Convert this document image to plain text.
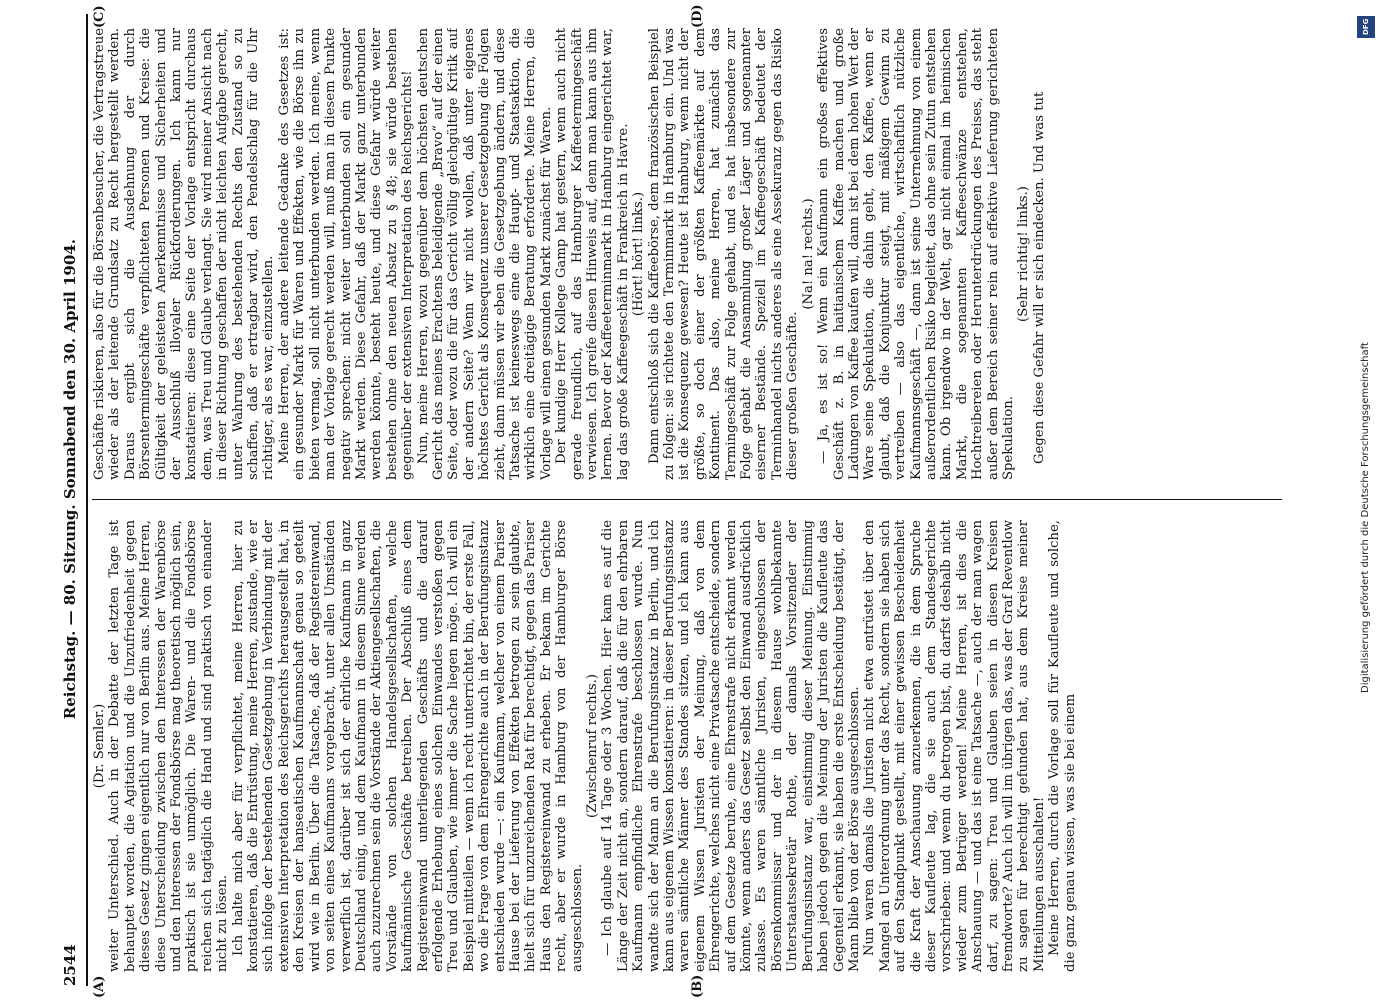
2544
Reichstag. — 80. Sitzung. Sonnabend den 30. April 1904.
(A)	(B)
(C)	(D)

(Dr. Semler.) weiter Unterschied. Auch in der Debatte der letzten Tage ist behauptet worden, die Agitation und die Unzufriedenheit gegen dieses Gesetz gingen eigentlich nur von Berlin aus. Meine Herren, diese Unterscheidung zwischen den Interessen der Warenbörse und den Interessen der Fondsbörse mag theoretisch möglich sein, praktisch ist sie unmöglich. Die Waren- und die Fondsbörse reichen sich tagtäglich die Hand und sind praktisch von einander nicht zu lösen. Ich halte mich aber für verpflichtet, meine Herren, hier zu konstatieren, daß die Entrüstung, meine Herren, zustande, wie er sich infolge der bestehenden Gesetzgebung in Verbindung mit der extensiven Interpretation des Reichsgerichts herausgestellt hat, in den Kreisen der hanseatischen Kaufmannschaft genau so geteilt wird wie in Berlin. Über die Tatsache, daß der Registereinwand, von seiten eines Kaufmanns vorgebracht, unter allen Umständen verwerflich ist, darüber ist sich der ehrliche Kaufmann in ganz Deutschland einig, und dem Kaufmann in diesem Sinne werden auch zuzurechnen sein die Vorstände der Aktiengesellschaften, die Vorstände von solchen Handelsgesellschaften, welche kaufmännische Geschäfte betreiben. Der Abschluß eines dem Registereinwand unterliegenden Geschäfts und die darauf erfolgende Erhebung eines solchen Einwandes verstoßen gegen Treu und Glauben, wie immer die Sache liegen möge. Ich will ein Beispiel mitteilen — wenn ich recht unterrichtet bin, der erste Fall, wo die Frage von dem Ehrengerichte auch in der Berufungsinstanz entschieden wurde —: ein Kaufmann, welcher von einem Pariser Hause bei der Lieferung von Effekten betrogen zu sein glaubte, hielt sich für unzureichenden Rat für berechtigt, gegen das Pariser Haus den Registereinwand zu erheben. Er bekam im Gerichte recht, aber er wurde in Hamburg von der Hamburger Börse ausgeschlossen.

(Zwischenruf rechts.) — Ich glaube auf 14 Tage oder 3 Wochen. Hier kam es auf die Länge der Zeit nicht an, sondern darauf, daß die für den ehrbaren Kaufmann empfindliche Ehrenstrafe beschlossen wurde. Nun wandte sich der Mann an die Berufungsinstanz in Berlin, und ich kann aus eigenem Wissen konstatieren: in dieser Berufungsinstanz waren sämtliche Männer des Standes sitzen, und ich kann aus eigenem Wissen Juristen der Meinung, daß von dem Ehrengerichte, welches nicht eine Privatsache entscheide, sondern auf dem Gesetze beruhe, eine Ehrenstrafe nicht erkannt werden könnte, wenn anders das Gesetz selbst den Einwand ausdrücklich zulasse. Es waren sämtliche Juristen, eingeschlossen der Börsenkommissar und der in diesem Hause wohlbekannte Unterstaatssekretär Rothe, der damals Vorsitzender der Berufungsinstanz war, einstimmig dieser Meinung. Einstimmig haben jedoch gegen die Meinung der Juristen die Kaufleute das Gegenteil erkannt, sie haben die erste Entscheidung bestätigt, der Mann blieb von der Börse ausgeschlossen. Nun waren damals die Juristen nicht etwa entrüstet über den Mangel an Unterordnung unter das Recht, sondern sie haben sich auf den Standpunkt gestellt, mit einer gewissen Bescheidenheit die Kraft der Anschauung anzuerkennen, die in dem Spruche dieser Kaufleute lag, die sie auch dem Standesgerichte vorschrieben: und wenn du betrogen bist, du darfst deshalb nicht wieder zum Betrüger werden! Meine Herren, ist dies die Anschauung — und das ist eine Tatsache —, auch der man wagen darf, zu sagen: Treu und Glauben seien in diesen Kreisen fremdworte? Auch ich will im übrigen das, was der Graf Reventlow zu sagen für berechtigt gefunden hat, aus dem Kreise meiner Mitteilungen ausschalten! Meine Herren, durch die Vorlage soll für Kaufleute und solche, die ganz genau wissen, was sie bei einem

Geschäfte riskieren, also für die Börsenbesucher, die Vertragstreue wieder als der leitende Grundsatz zu Recht hergestellt werden. Daraus ergibt sich die Ausdehnung der durch Börsentermingeschäfte verpflichteten Personen und Kreise: die Gültigkeit der geleisteten Anerkenntnisse und Sicherheiten und der Ausschluß illoyaler Rückforderungen. Ich kann nur konstatieren: diese eine Seite der Vorlage entspricht durchaus dem, was Treu und Glaube verlangt. Sie wird meiner Ansicht nach in dieser Richtung geschaffen der nicht leichten Aufgabe gerecht, unter Wahrung des bestehenden Rechts den Zustand so zu schaffen, daß er ertragbar wird, den Pendelschlag für die Uhr richtiger, als es war, einzustellen. Meine Herren, der andere leitende Gedanke des Gesetzes ist: ein gesunder Markt für Waren und Effekten, wie die Börse ihn zu bieten vermag, soll nicht unterbunden werden. Ich meine, wenn man der Vorlage gerecht werden will, muß man in diesem Punkte negativ sprechen: nicht weiter unterbunden soll ein gesunder Markt werden. Diese Gefahr, daß der Markt ganz unterbunden werden könnte, besteht heute, und diese Gefahr würde weiter bestehen ohne den neuen Absatz zu § 48; sie würde bestehen gegenüber der extensiven Interpretation des Reichsgerichts! Nun, meine Herren, wozu gegenüber dem höchsten deutschen Gericht das meines Erachtens beleidigende „Bravo“ auf der einen Seite, oder wozu die für das Gericht völlig gleichgültige Kritik auf der andern Seite? Wenn wir nicht wollen, daß unter eigenes höchstes Gericht als Konsequenz unserer Gesetzgebung die Folgen zieht, dann müssen wir eben die Gesetzgebung ändern, und diese Tatsache ist keineswegs eine die Haupt- und Staatsaktion, die wirklich eine dreitägige Beratung erforderte. Meine Herren, die Vorlage will einen gesunden Markt zunächst für Waren. Der kundige Herr Kollege Gamp hat gestern, wenn auch nicht gerade freundlich, auf das Hamburger Kaffeetermingeschäft verwiesen. Ich greife diesen Hinweis auf, denn man kann aus ihm lernen. Bevor der Kaffeeterminmarkt in Hamburg eingerichtet war, lag das große Kaffeegeschäft in Frankreich in Havre. (Hört! hört! links.) Dann entschloß sich die Kaffeebörse, dem französischen Beispiel zu folgen: sie richtete den Terminmarkt in Hamburg ein. Und was ist die Konsequenz gewesen? Heute ist Hamburg, wenn nicht der größte, so doch einer der größten Kaffeemärkte auf dem Kontinent. Das also, meine Herren, hat zunächst das Termingeschäft zur Folge gehabt, und es hat insbesondere zur Folge gehabt die Ansammlung großer Läger und sogenannter eiserner Bestände. Speziell im Kaffeegeschäft bedeutet der Terminhandel nichts anderes als eine Assekuranz gegen das Risiko dieser großen Geschäfte.

(Na! na! rechts.) — Ja, es ist so! Wenn ein Kaufmann ein großes effektives Geschäft z. B. in haitianischem Kaffee machen und große Ladungen von Kaffee kaufen will, dann ist bei dem hohen Wert der Ware seine Spekulation, die dahin geht, den Kaffee, wenn er glaubt, daß die Konjunktur steigt, mit mäßigem Gewinn zu vertreiben — also das eigentliche, wirtschaftlich nützliche Kaufmannsgeschäft —, dann ist seine Unternehmung von einem außerordentlichen Risiko begleitet, das ohne sein Zutun entstehen kann. Ob irgendwo in der Welt, gar nicht einmal im heimischen Markt, die sogenannten Kaffeeschwänze entstehen, Hochtreibereien oder Herunterdrückungen des Preises, das steht außer dem Bereich seiner rein auf effektive Lieferung gerichteten Spekulation.

(Sehr richtig! links.) Gegen diese Gefahr will er sich eindecken. Und was tut

DFG
Digitalisierung gefördert durch die Deutsche Forschungsgemeinschaft
